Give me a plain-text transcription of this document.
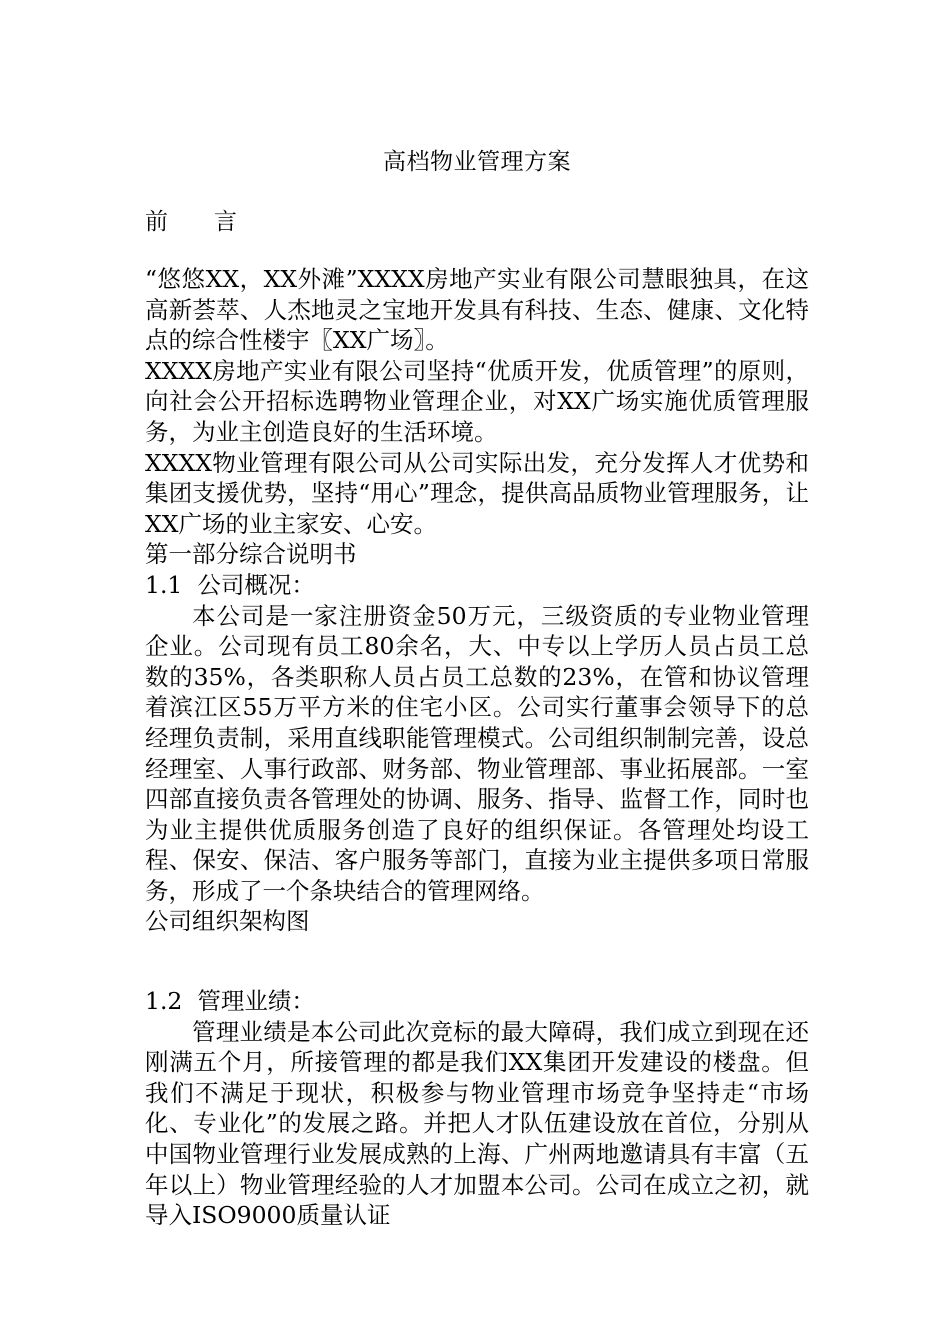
高档物业管理方案
前　　言

“悠悠XX，XX外滩”XXXX房地产实业有限公司慧眼独具，在这高新荟萃、人杰地灵之宝地开发具有科技、生态、健康、文化特点的综合性楼宇〖XX广场〗。

XXXX房地产实业有限公司坚持“优质开发，优质管理”的原则，向社会公开招标选聘物业管理企业，对XX广场实施优质管理服务，为业主创造良好的生活环境。

XXXX物业管理有限公司从公司实际出发，充分发挥人才优势和集团支援优势，坚持“用心”理念，提供高品质物业管理服务，让XX广场的业主家安、心安。

第一部分综合说明书

1.1  公司概况：

本公司是一家注册资金50万元，三级资质的专业物业管理企业。公司现有员工80余名，大、中专以上学历人员占员工总数的35%，各类职称人员占员工总数的23%，在管和协议管理着滨江区55万平方米的住宅小区。公司实行董事会领导下的总经理负责制，采用直线职能管理模式。公司组织制制完善，设总经理室、人事行政部、财务部、物业管理部、事业拓展部。一室四部直接负责各管理处的协调、服务、指导、监督工作，同时也为业主提供优质服务创造了良好的组织保证。各管理处均设工程、保安、保洁、客户服务等部门，直接为业主提供多项日常服务，形成了一个条块结合的管理网络。

公司组织架构图

1.2  管理业绩：

管理业绩是本公司此次竞标的最大障碍，我们成立到现在还刚满五个月，所接管理的都是我们XX集团开发建设的楼盘。但我们不满足于现状，积极参与物业管理市场竞争坚持走“市场化、专业化”的发展之路。并把人才队伍建设放在首位，分别从中国物业管理行业发展成熟的上海、广州两地邀请具有丰富（五年以上）物业管理经验的人才加盟本公司。公司在成立之初，就导入ISO9000质量认证
